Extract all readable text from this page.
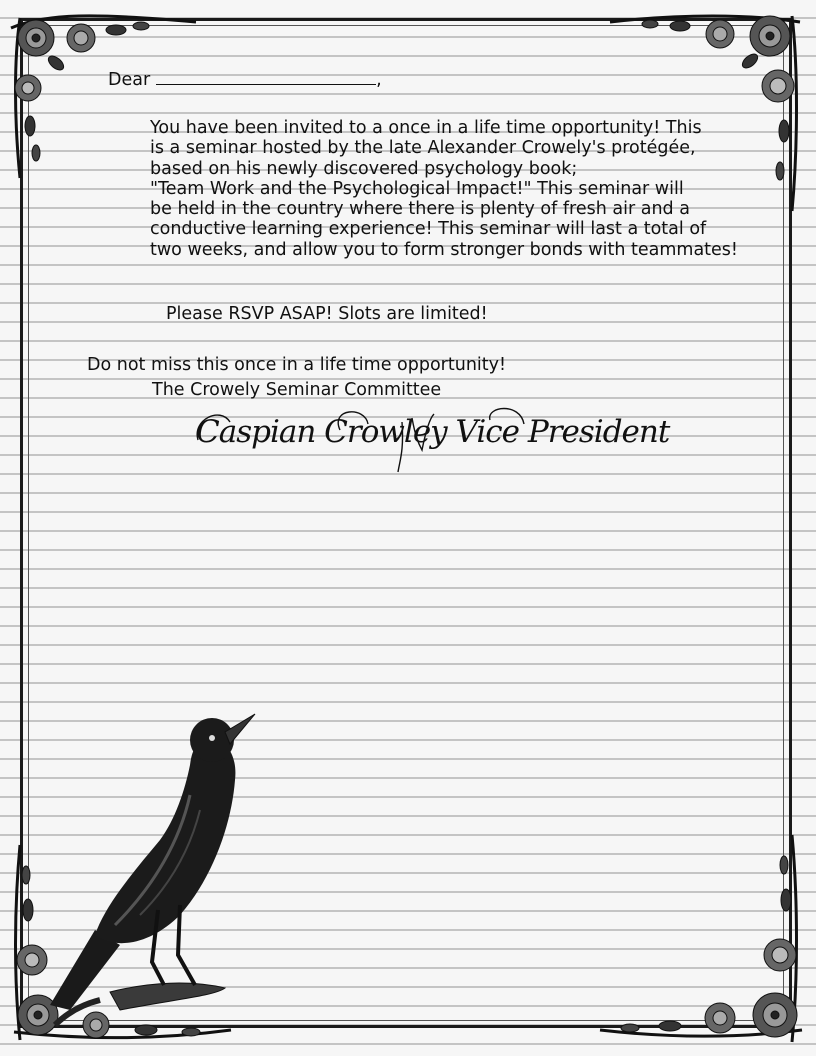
Dear	,
You have been invited to a once in a life time opportunity! This
is a seminar hosted by the late Alexander Crowely's protégée,
based on his newly discovered psychology book;
"Team Work and the Psychological Impact!" This seminar will
be held in the country where there is plenty of fresh air and a
conductive learning experience! This seminar will last a total of
two weeks, and allow you to form stronger bonds with teammates!
Please RSVP ASAP! Slots are limited!
Do not miss this once in a life time opportunity!
The Crowely Seminar Committee
Caspian Crowley Vice President
